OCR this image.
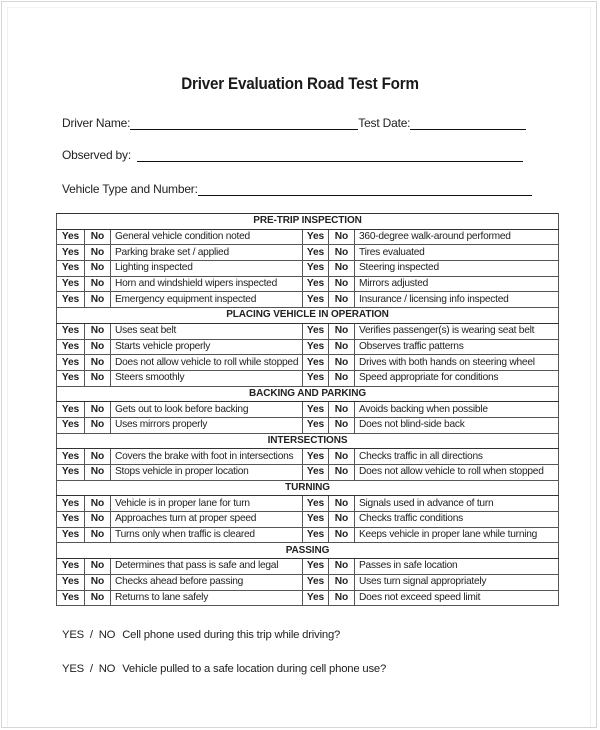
Driver Evaluation Road Test Form
Driver Name:	Test Date:
Observed by:
Vehicle Type and Number:
PRE-TRIP INSPECTION					
Yes	No	General vehicle condition noted	Yes	No	360-degree walk-around performed
Yes	No	Parking brake set / applied	Yes	No	Tires evaluated
Yes	No	Lighting inspected	Yes	No	Steering inspected
Yes	No	Horn and windshield wipers inspected	Yes	No	Mirrors adjusted
Yes	No	Emergency equipment inspected	Yes	No	Insurance / licensing info inspected
PLACING VEHICLE IN OPERATION					
Yes	No	Uses seat belt	Yes	No	Verifies passenger(s) is wearing seat belt
Yes	No	Starts vehicle properly	Yes	No	Observes traffic patterns
Yes	No	Does not allow vehicle to roll while stopped	Yes	No	Drives with both hands on steering wheel
Yes	No	Steers smoothly	Yes	No	Speed appropriate for conditions
BACKING AND PARKING					
Yes	No	Gets out to look before backing	Yes	No	Avoids backing when possible
Yes	No	Uses mirrors properly	Yes	No	Does not blind-side back
INTERSECTIONS					
Yes	No	Covers the brake with foot in intersections	Yes	No	Checks traffic in all directions
Yes	No	Stops vehicle in proper location	Yes	No	Does not allow vehicle to roll when stopped
TURNING					
Yes	No	Vehicle is in proper lane for turn	Yes	No	Signals used in advance of turn
Yes	No	Approaches turn at proper speed	Yes	No	Checks traffic conditions
Yes	No	Turns only when traffic is cleared	Yes	No	Keeps vehicle in proper lane while turning
PASSING					
Yes	No	Determines that pass is safe and legal	Yes	No	Passes in safe location
Yes	No	Checks ahead before passing	Yes	No	Uses turn signal appropriately
Yes	No	Returns to lane safely	Yes	No	Does not exceed speed limit
YES  /  NO Cell phone used during this trip while driving?
YES  /  NO Vehicle pulled to a safe location during cell phone use?
